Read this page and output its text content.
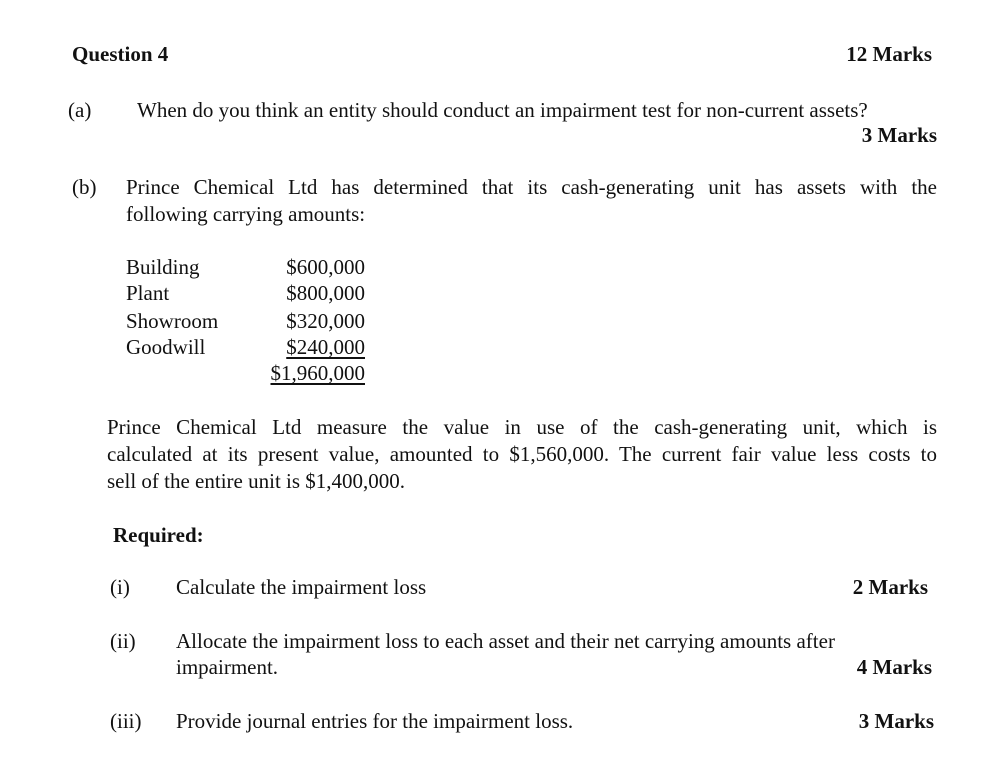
Question 4	12 Marks
(a) When do you think an entity should conduct an impairment test for non-current assets?
3 Marks
(b) Prince Chemical Ltd has determined that its cash-generating unit has assets with the
following carrying amounts:
Building	$600,000
Plant	$800,000
Showroom	$320,000
Goodwill	$240,000
$1,960,000
Prince Chemical Ltd measure the value in use of the cash-generating unit, which is
calculated at its present value, amounted to $1,560,000. The current fair value less costs to
sell of the entire unit is $1,400,000.
Required:
(i) Calculate the impairment loss	2 Marks
(ii) Allocate the impairment loss to each asset and their net carrying amounts after
impairment.	4 Marks
(iii) Provide journal entries for the impairment loss.	3 Marks
